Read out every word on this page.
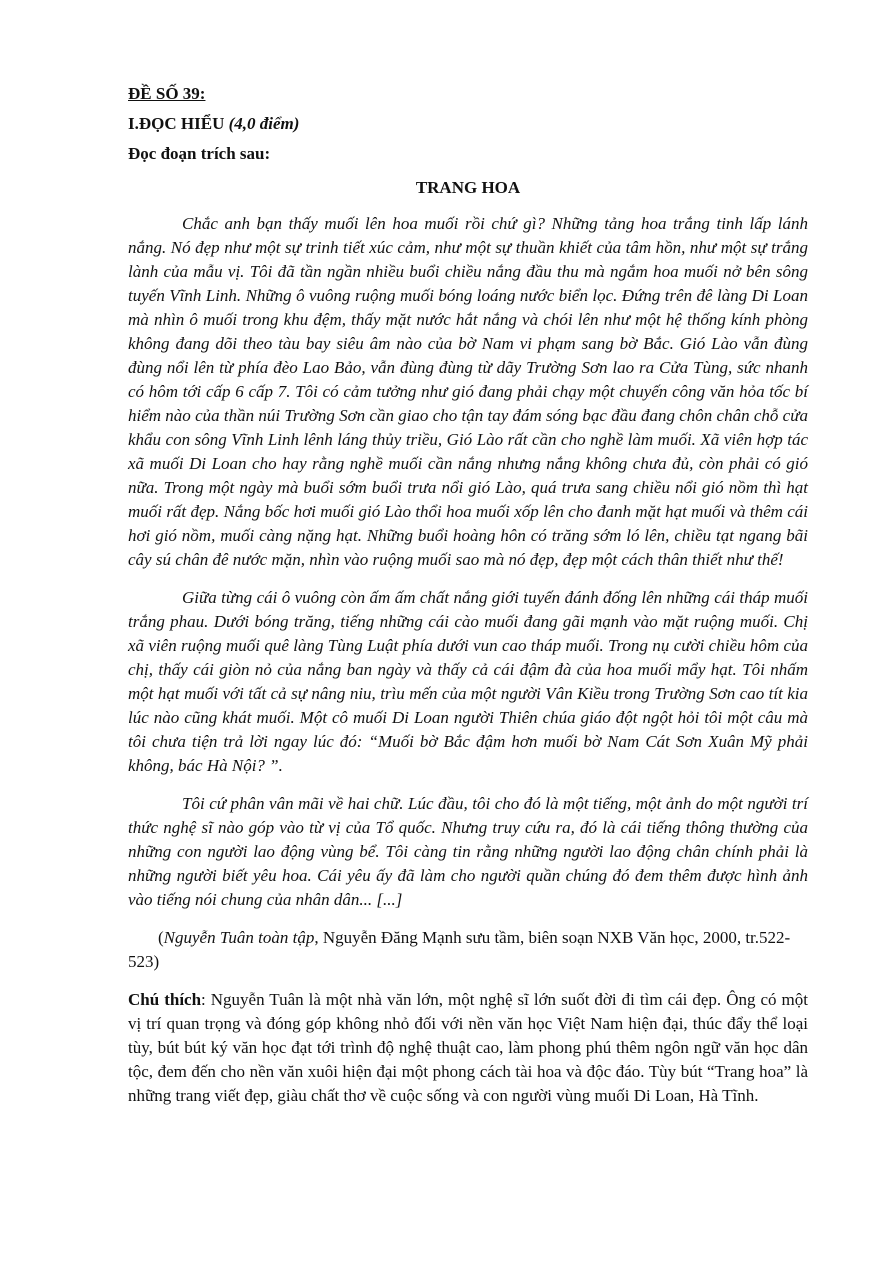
ĐỀ SỐ 39:

I.ĐỌC HIỂU (4,0 điểm)

Đọc đoạn trích sau:

TRANG HOA

Chắc anh bạn thấy muối lên hoa muối rồi chứ gì? Những tảng hoa trắng tinh lấp lánh nắng. Nó đẹp như một sự trinh tiết xúc cảm, như một sự thuần khiết của tâm hồn, như một sự trắng lành của mẫu vị. Tôi đã tần ngần nhiều buổi chiều nắng đầu thu mà ngắm hoa muối nở bên sông tuyến Vĩnh Linh. Những ô vuông ruộng muối bóng loáng nước biển lọc. Đứng trên đê làng Di Loan mà nhìn ô muối trong khu đệm, thấy mặt nước hắt nắng và chói lên như một hệ thống kính phòng không đang dõi theo tàu bay siêu âm nào của bờ Nam vi phạm sang bờ Bắc. Gió Lào vẫn đùng đùng nổi lên từ phía đèo Lao Bảo, vẫn đùng đùng từ dãy Trường Sơn lao ra Cửa Tùng, sức nhanh có hôm tới cấp 6 cấp 7. Tôi có cảm tưởng như gió đang phải chạy một chuyến công văn hỏa tốc bí hiểm nào của thần núi Trường Sơn cần giao cho tận tay đám sóng bạc đầu đang chôn chân chỗ cửa khẩu con sông Vĩnh Linh lênh láng thủy triều, Gió Lào rất cần cho nghề làm muối. Xã viên hợp tác xã muối Di Loan cho hay rằng nghề muối cần nắng nhưng nắng không chưa đủ, còn phải có gió nữa. Trong một ngày mà buổi sớm buổi trưa nổi gió Lào, quá trưa sang chiều nổi gió nồm thì hạt muối rất đẹp. Nắng bốc hơi muối gió Lào thổi hoa muối xốp lên cho đanh mặt hạt muối và thêm cái hơi gió nồm, muối càng nặng hạt. Những buổi hoàng hôn có trăng sớm ló lên, chiều tạt ngang bãi cây sú chân đê nước mặn, nhìn vào ruộng muối sao mà nó đẹp, đẹp một cách thân thiết như thế!

Giữa từng cái ô vuông còn ấm ấm chất nắng giới tuyến đánh đống lên những cái tháp muối trắng phau. Dưới bóng trăng, tiếng những cái cào muối đang gãi mạnh vào mặt ruộng muối. Chị xã viên ruộng muối quê làng Tùng Luật phía dưới vun cao tháp muối. Trong nụ cười chiều hôm của chị, thấy cái giòn nỏ của nắng ban ngày và thấy cả cái đậm đà của hoa muối mẩy hạt. Tôi nhấm một hạt muối với tất cả sự nâng niu, trìu mến của một người Vân Kiều trong Trường Sơn cao tít kia lúc nào cũng khát muối. Một cô muối Di Loan người Thiên chúa giáo đột ngột hỏi tôi một câu mà tôi chưa tiện trả lời ngay lúc đó: “Muối bờ Bắc đậm hơn muối bờ Nam Cát Sơn Xuân Mỹ phải không, bác Hà Nội? ”.

Tôi cứ phân vân mãi về hai chữ. Lúc đầu, tôi cho đó là một tiếng, một ảnh do một người trí thức nghệ sĩ nào góp vào từ vị của Tổ quốc. Nhưng truy cứu ra, đó là cái tiếng thông thường của những con người lao động vùng bể. Tôi càng tin rằng những người lao động chân chính phải là những người biết yêu hoa. Cái yêu ấy đã làm cho người quần chúng đó đem thêm được hình ảnh vào tiếng nói chung của nhân dân... [...]

(Nguyễn Tuân toàn tập, Nguyễn Đăng Mạnh sưu tầm, biên soạn NXB Văn học, 2000, tr.522-523)

Chú thích: Nguyễn Tuân là một nhà văn lớn, một nghệ sĩ lớn suốt đời đi tìm cái đẹp. Ông có một vị trí quan trọng và đóng góp không nhỏ đối với nền văn học Việt Nam hiện đại, thúc đẩy thể loại tùy, bút bút ký văn học đạt tới trình độ nghệ thuật cao, làm phong phú thêm ngôn ngữ văn học dân tộc, đem đến cho nền văn xuôi hiện đại một phong cách tài hoa và độc đáo. Tùy bút “Trang hoa” là những trang viết đẹp, giàu chất thơ về cuộc sống và con người vùng muối Di Loan, Hà Tĩnh.
